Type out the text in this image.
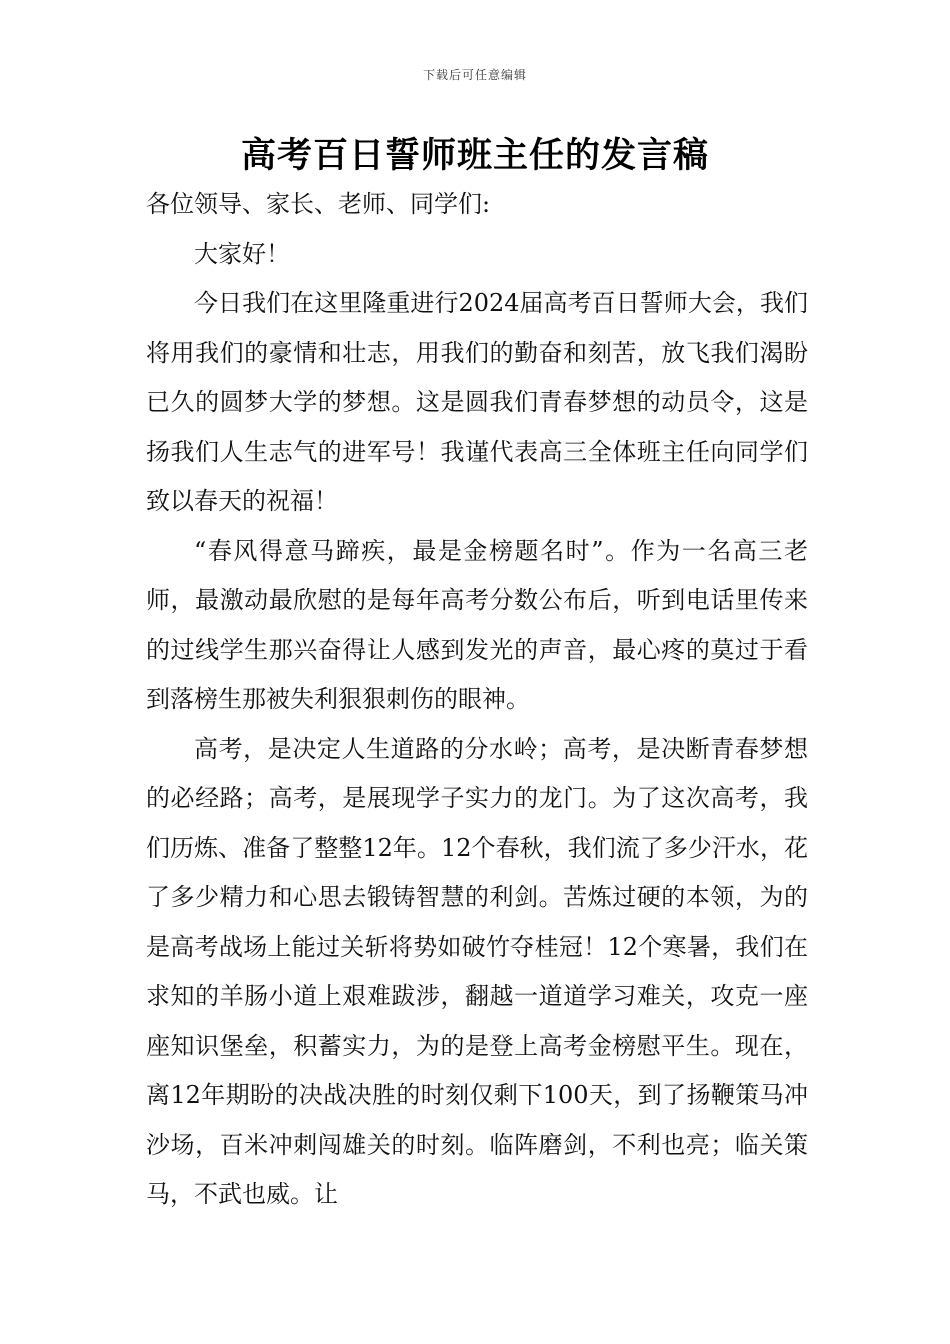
下载后可任意编辑
高考百日誓师班主任的发言稿

各位领导、家长、老师、同学们:

大家好！

今日我们在这里隆重进行2024届高考百日誓师大会，我们将用我们的豪情和壮志，用我们的勤奋和刻苦，放飞我们渴盼已久的圆梦大学的梦想。这是圆我们青春梦想的动员令，这是扬我们人生志气的进军号！我谨代表高三全体班主任向同学们致以春天的祝福！

“春风得意马蹄疾，最是金榜题名时”。作为一名高三老师，最激动最欣慰的是每年高考分数公布后，听到电话里传来的过线学生那兴奋得让人感到发光的声音，最心疼的莫过于看到落榜生那被失利狠狠刺伤的眼神。

高考，是决定人生道路的分水岭；高考，是决断青春梦想的必经路；高考，是展现学子实力的龙门。为了这次高考，我们历炼、准备了整整12年。12个春秋，我们流了多少汗水，花了多少精力和心思去锻铸智慧的利剑。苦炼过硬的本领，为的是高考战场上能过关斩将势如破竹夺桂冠！12个寒暑，我们在求知的羊肠小道上艰难跋涉，翻越一道道学习难关，攻克一座座知识堡垒，积蓄实力，为的是登上高考金榜慰平生。现在，离12年期盼的决战决胜的时刻仅剩下100天，到了扬鞭策马冲沙场，百米冲刺闯雄关的时刻。临阵磨剑，不利也亮；临关策马，不武也威。让
